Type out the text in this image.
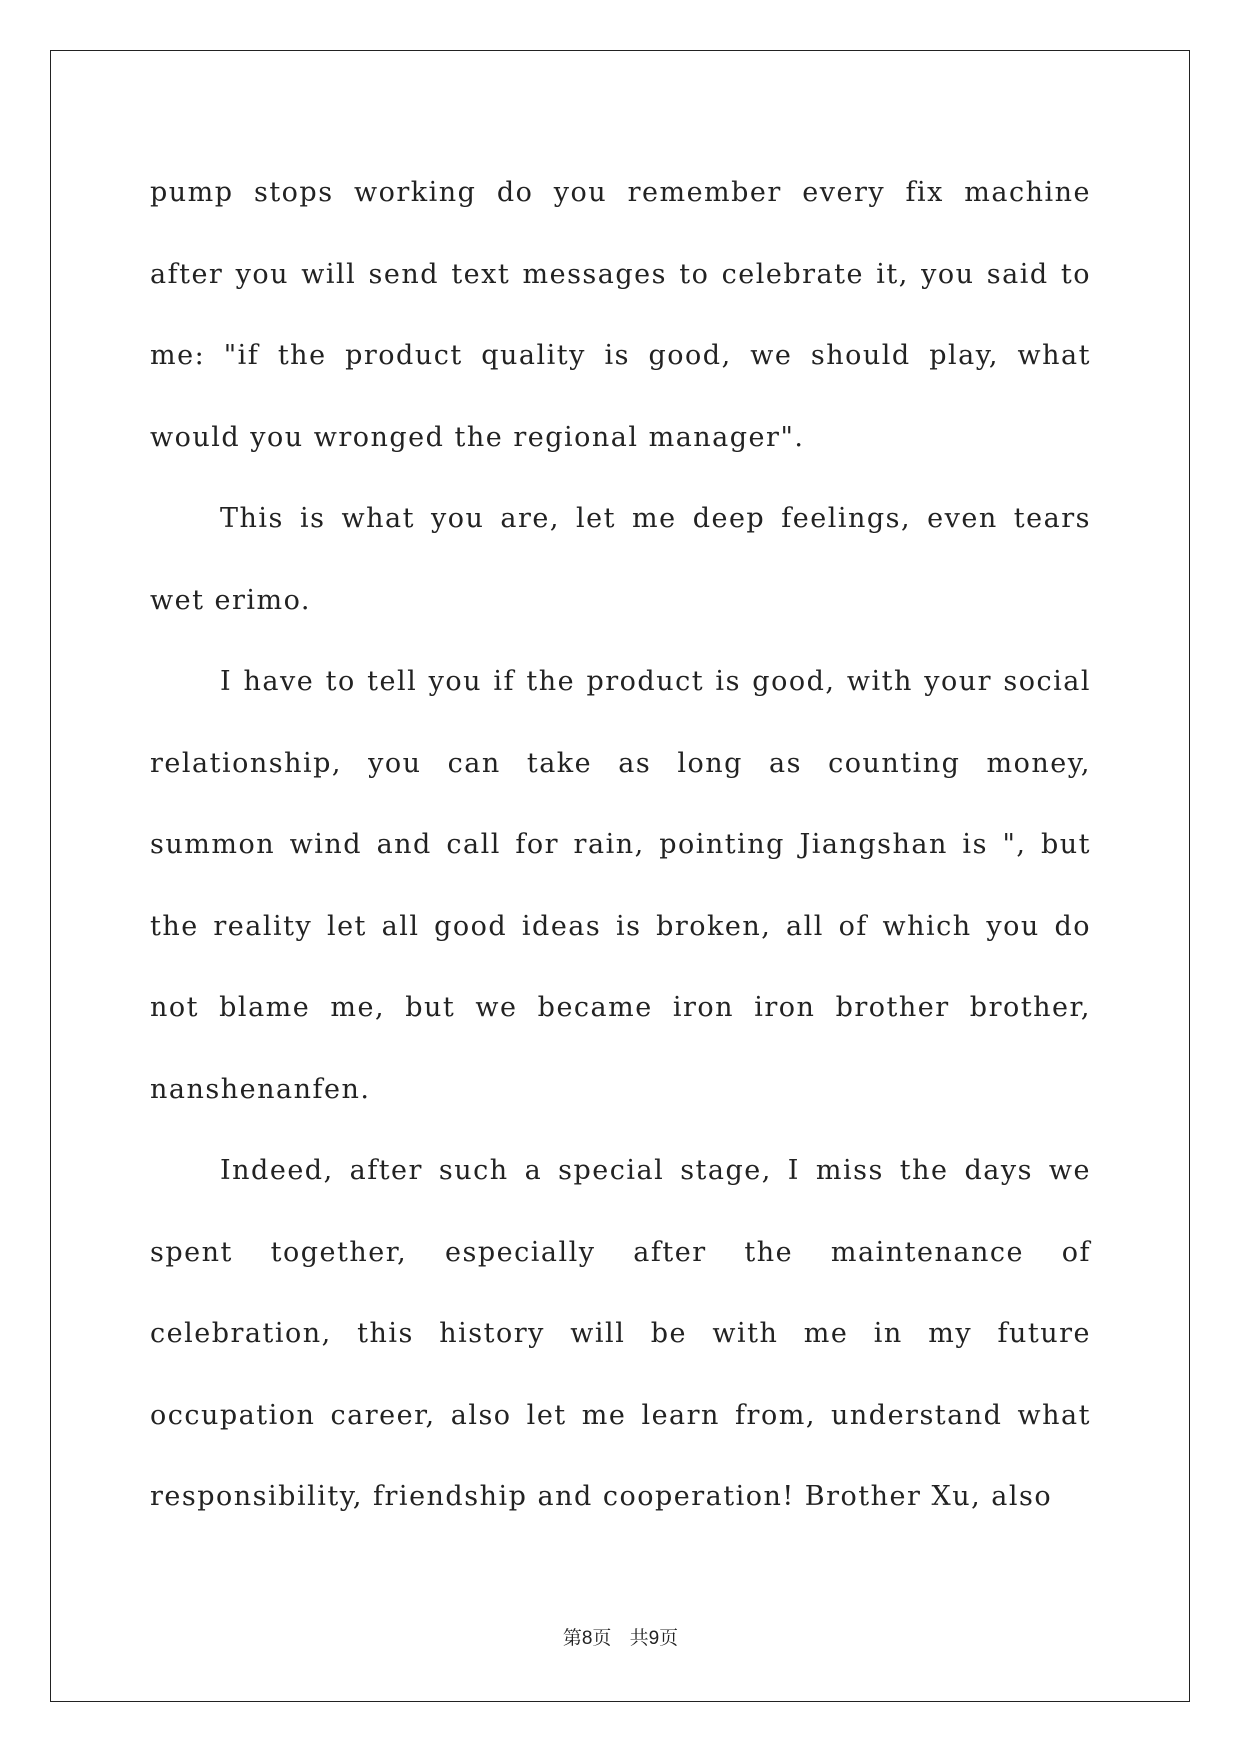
pump stops working do you remember every fix machine after you will send text messages to celebrate it, you said to me: "if the product quality is good, we should play, what would you wronged the regional manager".

This is what you are, let me deep feelings, even tears wet erimo.

I have to tell you if the product is good, with your social relationship, you can take as long as counting money, summon wind and call for rain, pointing Jiangshan is ", but the reality let all good ideas is broken, all of which you do not blame me, but we became iron iron brother brother, nanshenanfen.

Indeed, after such a special stage, I miss the days we spent together, especially after the maintenance of celebration, this history will be with me in my future occupation career, also let me learn from, understand what responsibility, friendship and cooperation! Brother Xu, also

第8页 共9页
